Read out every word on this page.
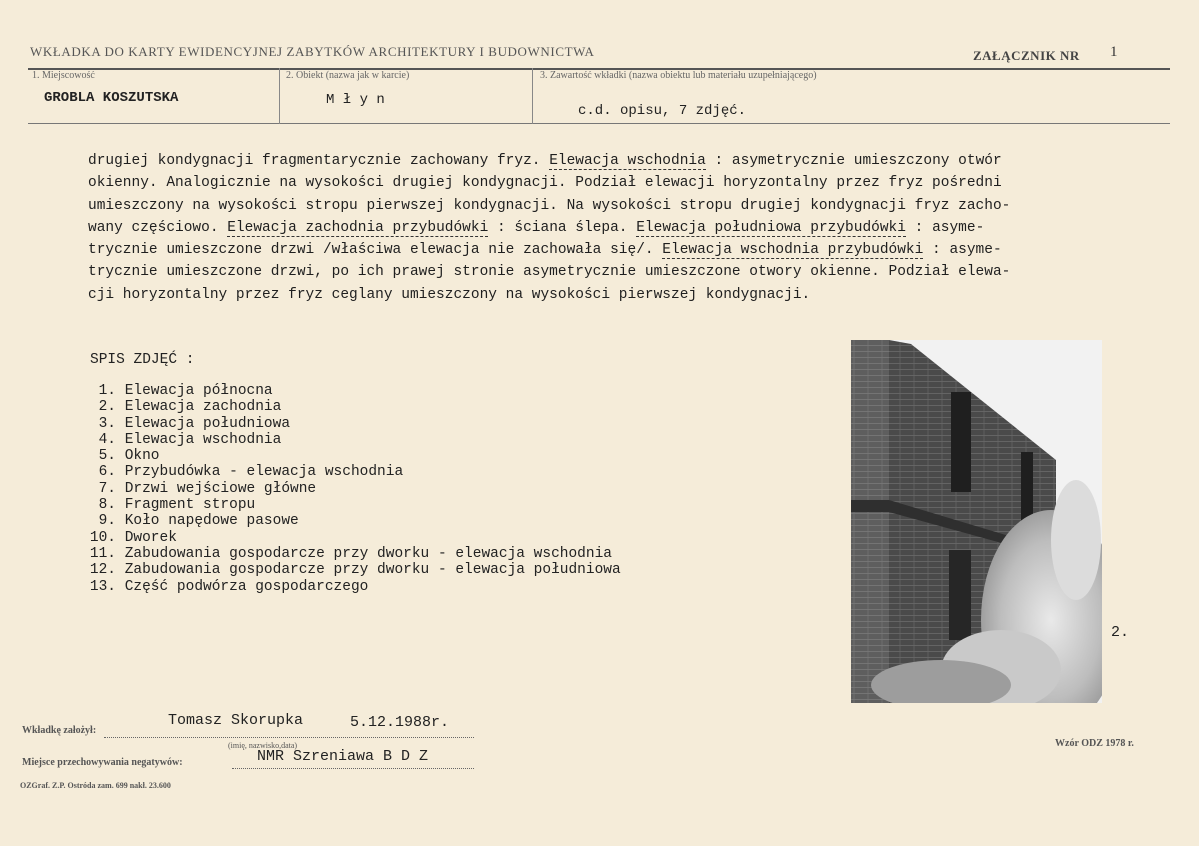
WKŁADKA DO KARTY EWIDENCYJNEJ ZABYTKÓW ARCHITEKTURY I BUDOWNICTWA	ZAŁĄCZNIK NR 1
1. Miejscowość
GROBLA KOSZUTSKA
2. Obiekt (nazwa jak w karcie)
M ł y n
3. Zawartość wkładki (nazwa obiektu lub materiału uzupełniającego)
c.d. opisu, 7 zdjęć.

drugiej kondygnacji fragmentarycznie zachowany fryz. Elewacja wschodnia : asymetrycznie umieszczony otwór

okienny. Analogicznie na wysokości drugiej kondygnacji. Podział elewacji horyzontalny przez fryz pośredni

umieszczony na wysokości stropu pierwszej kondygnacji. Na wysokości stropu drugiej kondygnacji fryz zacho-

wany częściowo. Elewacja zachodnia przybudówki : ściana ślepa. Elewacja południowa przybudówki : asyme-

trycznie umieszczone drzwi /właściwa elewacja nie zachowała się/. Elewacja wschodnia przybudówki : asyme-

trycznie umieszczone drzwi, po ich prawej stronie asymetrycznie umieszczone otwory okienne. Podział elewa-

cji horyzontalny przez fryz ceglany umieszczony na wysokości pierwszej kondygnacji.

SPIS ZDJĘĆ :
1. Elewacja północna
2. Elewacja zachodnia
3. Elewacja południowa
4. Elewacja wschodnia
5. Okno
6. Przybudówka - elewacja wschodnia
7. Drzwi wejściowe główne
8. Fragment stropu
9. Koło napędowe pasowe
10. Dworek
11. Zabudowania gospodarcze przy dworku - elewacja wschodnia
12. Zabudowania gospodarcze przy dworku - elewacja południowa
13. Część podwórza gospodarczego
2.
Wkładkę założył:
Tomasz Skorupka	5.12.1988r.
(imię, nazwisko,data)
Miejsce przechowywania negatywów:	NMR Szreniawa B D Z
Wzór ODZ 1978 r.
OZGraf. Z.P. Ostróda zam. 699 nakł. 23.600
